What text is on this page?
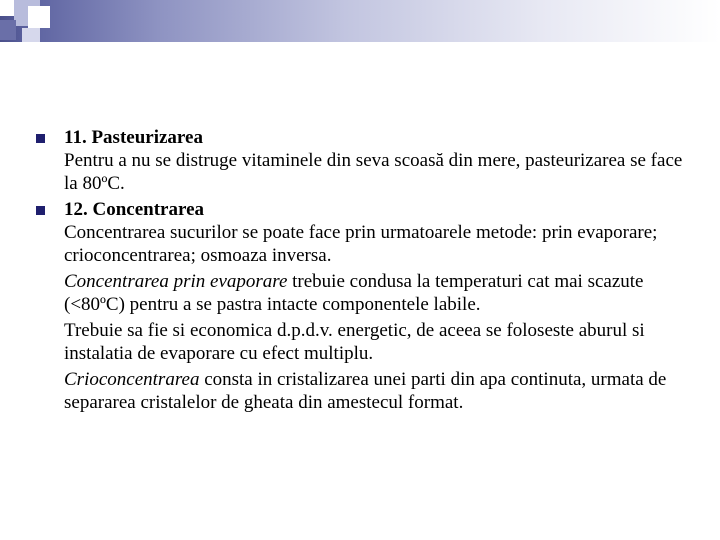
11. Pasteurizarea

Pentru a nu se distruge vitaminele din seva scoasă din mere, pasteurizarea se face la 80ºC.

12. Concentrarea

Concentrarea sucurilor se poate face prin urmatoarele metode: prin evaporare; crioconcentrarea; osmoaza inversa.

Concentrarea prin evaporare trebuie condusa la temperaturi cat mai scazute (<80ºC) pentru a se pastra intacte componentele labile.

Trebuie sa fie si economica d.p.d.v. energetic, de aceea se foloseste aburul si instalatia de evaporare cu efect multiplu.

Crioconcentrarea consta in cristalizarea unei parti din apa continuta, urmata de separarea cristalelor de gheata din amestecul format.
